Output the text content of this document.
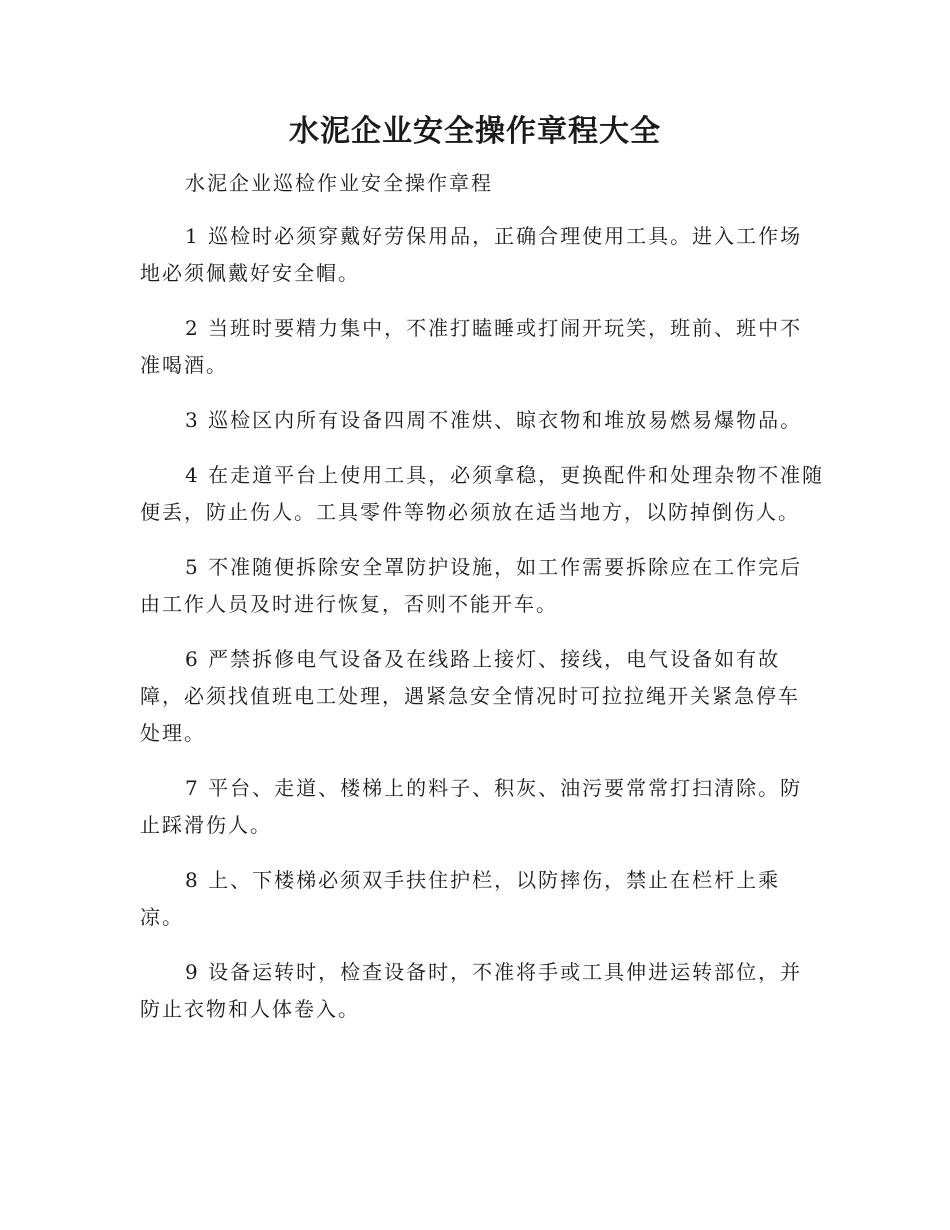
水泥企业安全操作章程大全
水泥企业巡检作业安全操作章程

1 巡检时必须穿戴好劳保用品，正确合理使用工具。进入工作场
地必须佩戴好安全帽。

2 当班时要精力集中，不准打瞌睡或打闹开玩笑，班前、班中不
准喝酒。

3 巡检区内所有设备四周不准烘、晾衣物和堆放易燃易爆物品。

4 在走道平台上使用工具，必须拿稳，更换配件和处理杂物不准随
便丢，防止伤人。工具零件等物必须放在适当地方，以防掉倒伤人。

5 不准随便拆除安全罩防护设施，如工作需要拆除应在工作完后
由工作人员及时进行恢复，否则不能开车。

6 严禁拆修电气设备及在线路上接灯、接线，电气设备如有故
障，必须找值班电工处理，遇紧急安全情况时可拉拉绳开关紧急停车
处理。

7 平台、走道、楼梯上的料子、积灰、油污要常常打扫清除。防
止踩滑伤人。

8 上、下楼梯必须双手扶住护栏，以防摔伤，禁止在栏杆上乘
凉。

9 设备运转时，检查设备时，不准将手或工具伸进运转部位，并
防止衣物和人体卷入。
